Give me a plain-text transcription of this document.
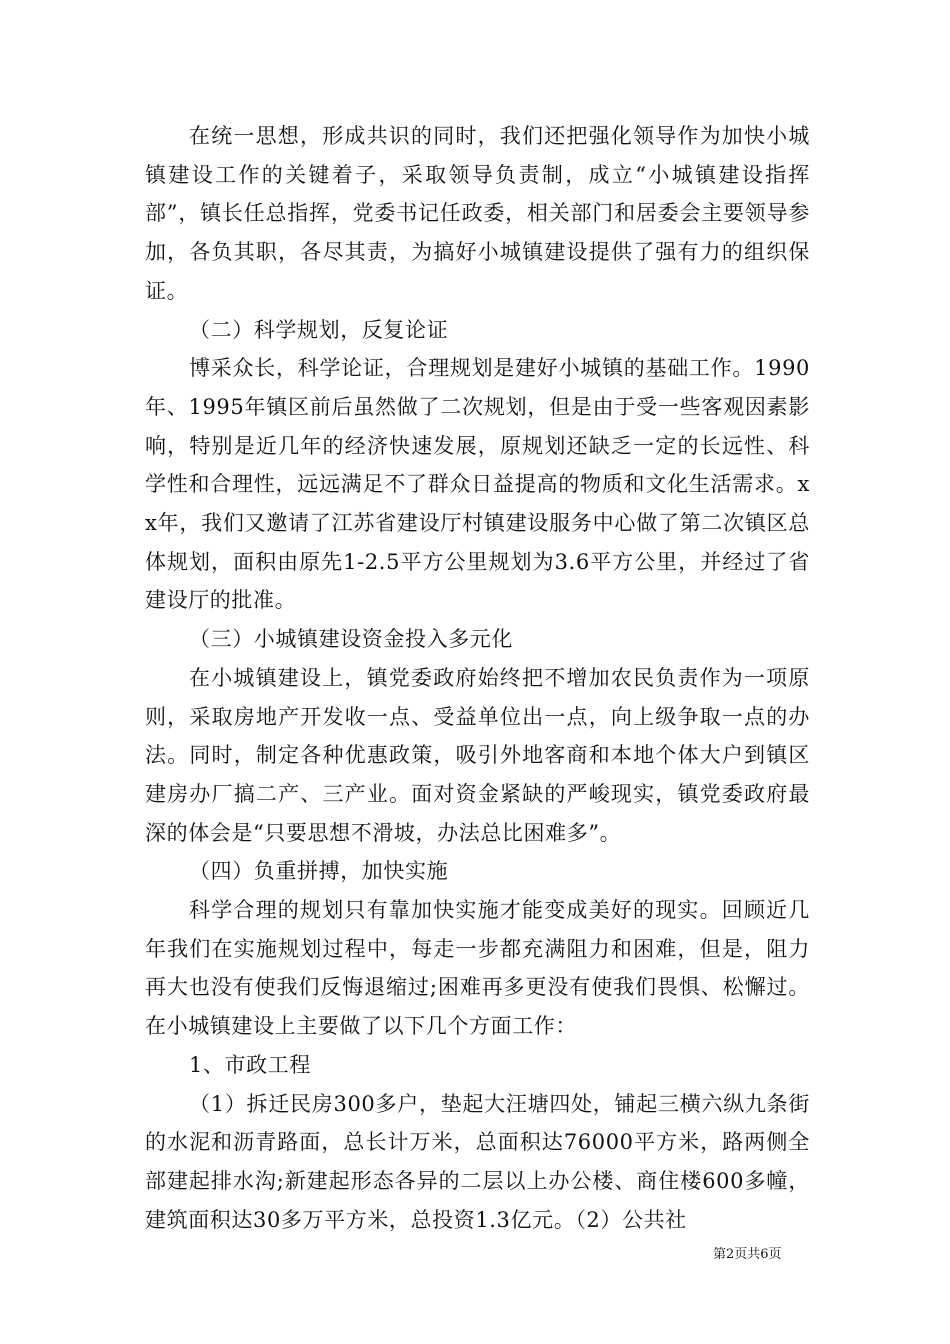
在统一思想，形成共识的同时，我们还把强化领导作为加快小城镇建设工作的关键着子，采取领导负责制，成立“小城镇建设指挥部”，镇长任总指挥，党委书记任政委，相关部门和居委会主要领导参加，各负其职，各尽其责，为搞好小城镇建设提供了强有力的组织保证。

（二）科学规划，反复论证

博采众长，科学论证，合理规划是建好小城镇的基础工作。1990年、1995年镇区前后虽然做了二次规划，但是由于受一些客观因素影响，特别是近几年的经济快速发展，原规划还缺乏一定的长远性、科学性和合理性，远远满足不了群众日益提高的物质和文化生活需求。xx年，我们又邀请了江苏省建设厅村镇建设服务中心做了第二次镇区总体规划，面积由原先1-2.5平方公里规划为3.6平方公里，并经过了省建设厅的批准。

（三）小城镇建设资金投入多元化

在小城镇建设上，镇党委政府始终把不增加农民负责作为一项原则，采取房地产开发收一点、受益单位出一点，向上级争取一点的办法。同时，制定各种优惠政策，吸引外地客商和本地个体大户到镇区建房办厂搞二产、三产业。面对资金紧缺的严峻现实，镇党委政府最深的体会是“只要思想不滑坡，办法总比困难多”。

（四）负重拼搏，加快实施

科学合理的规划只有靠加快实施才能变成美好的现实。回顾近几年我们在实施规划过程中，每走一步都充满阻力和困难，但是，阻力再大也没有使我们反悔退缩过;困难再多更没有使我们畏惧、松懈过。在小城镇建设上主要做了以下几个方面工作：

1、市政工程

（1）拆迁民房300多户，垫起大汪塘四处，铺起三横六纵九条街的水泥和沥青路面，总长计万米，总面积达76000平方米，路两侧全部建起排水沟;新建起形态各异的二层以上办公楼、商住楼600多幢，建筑面积达30多万平方米，总投资1.3亿元。（2）公共社

第2页共6页
